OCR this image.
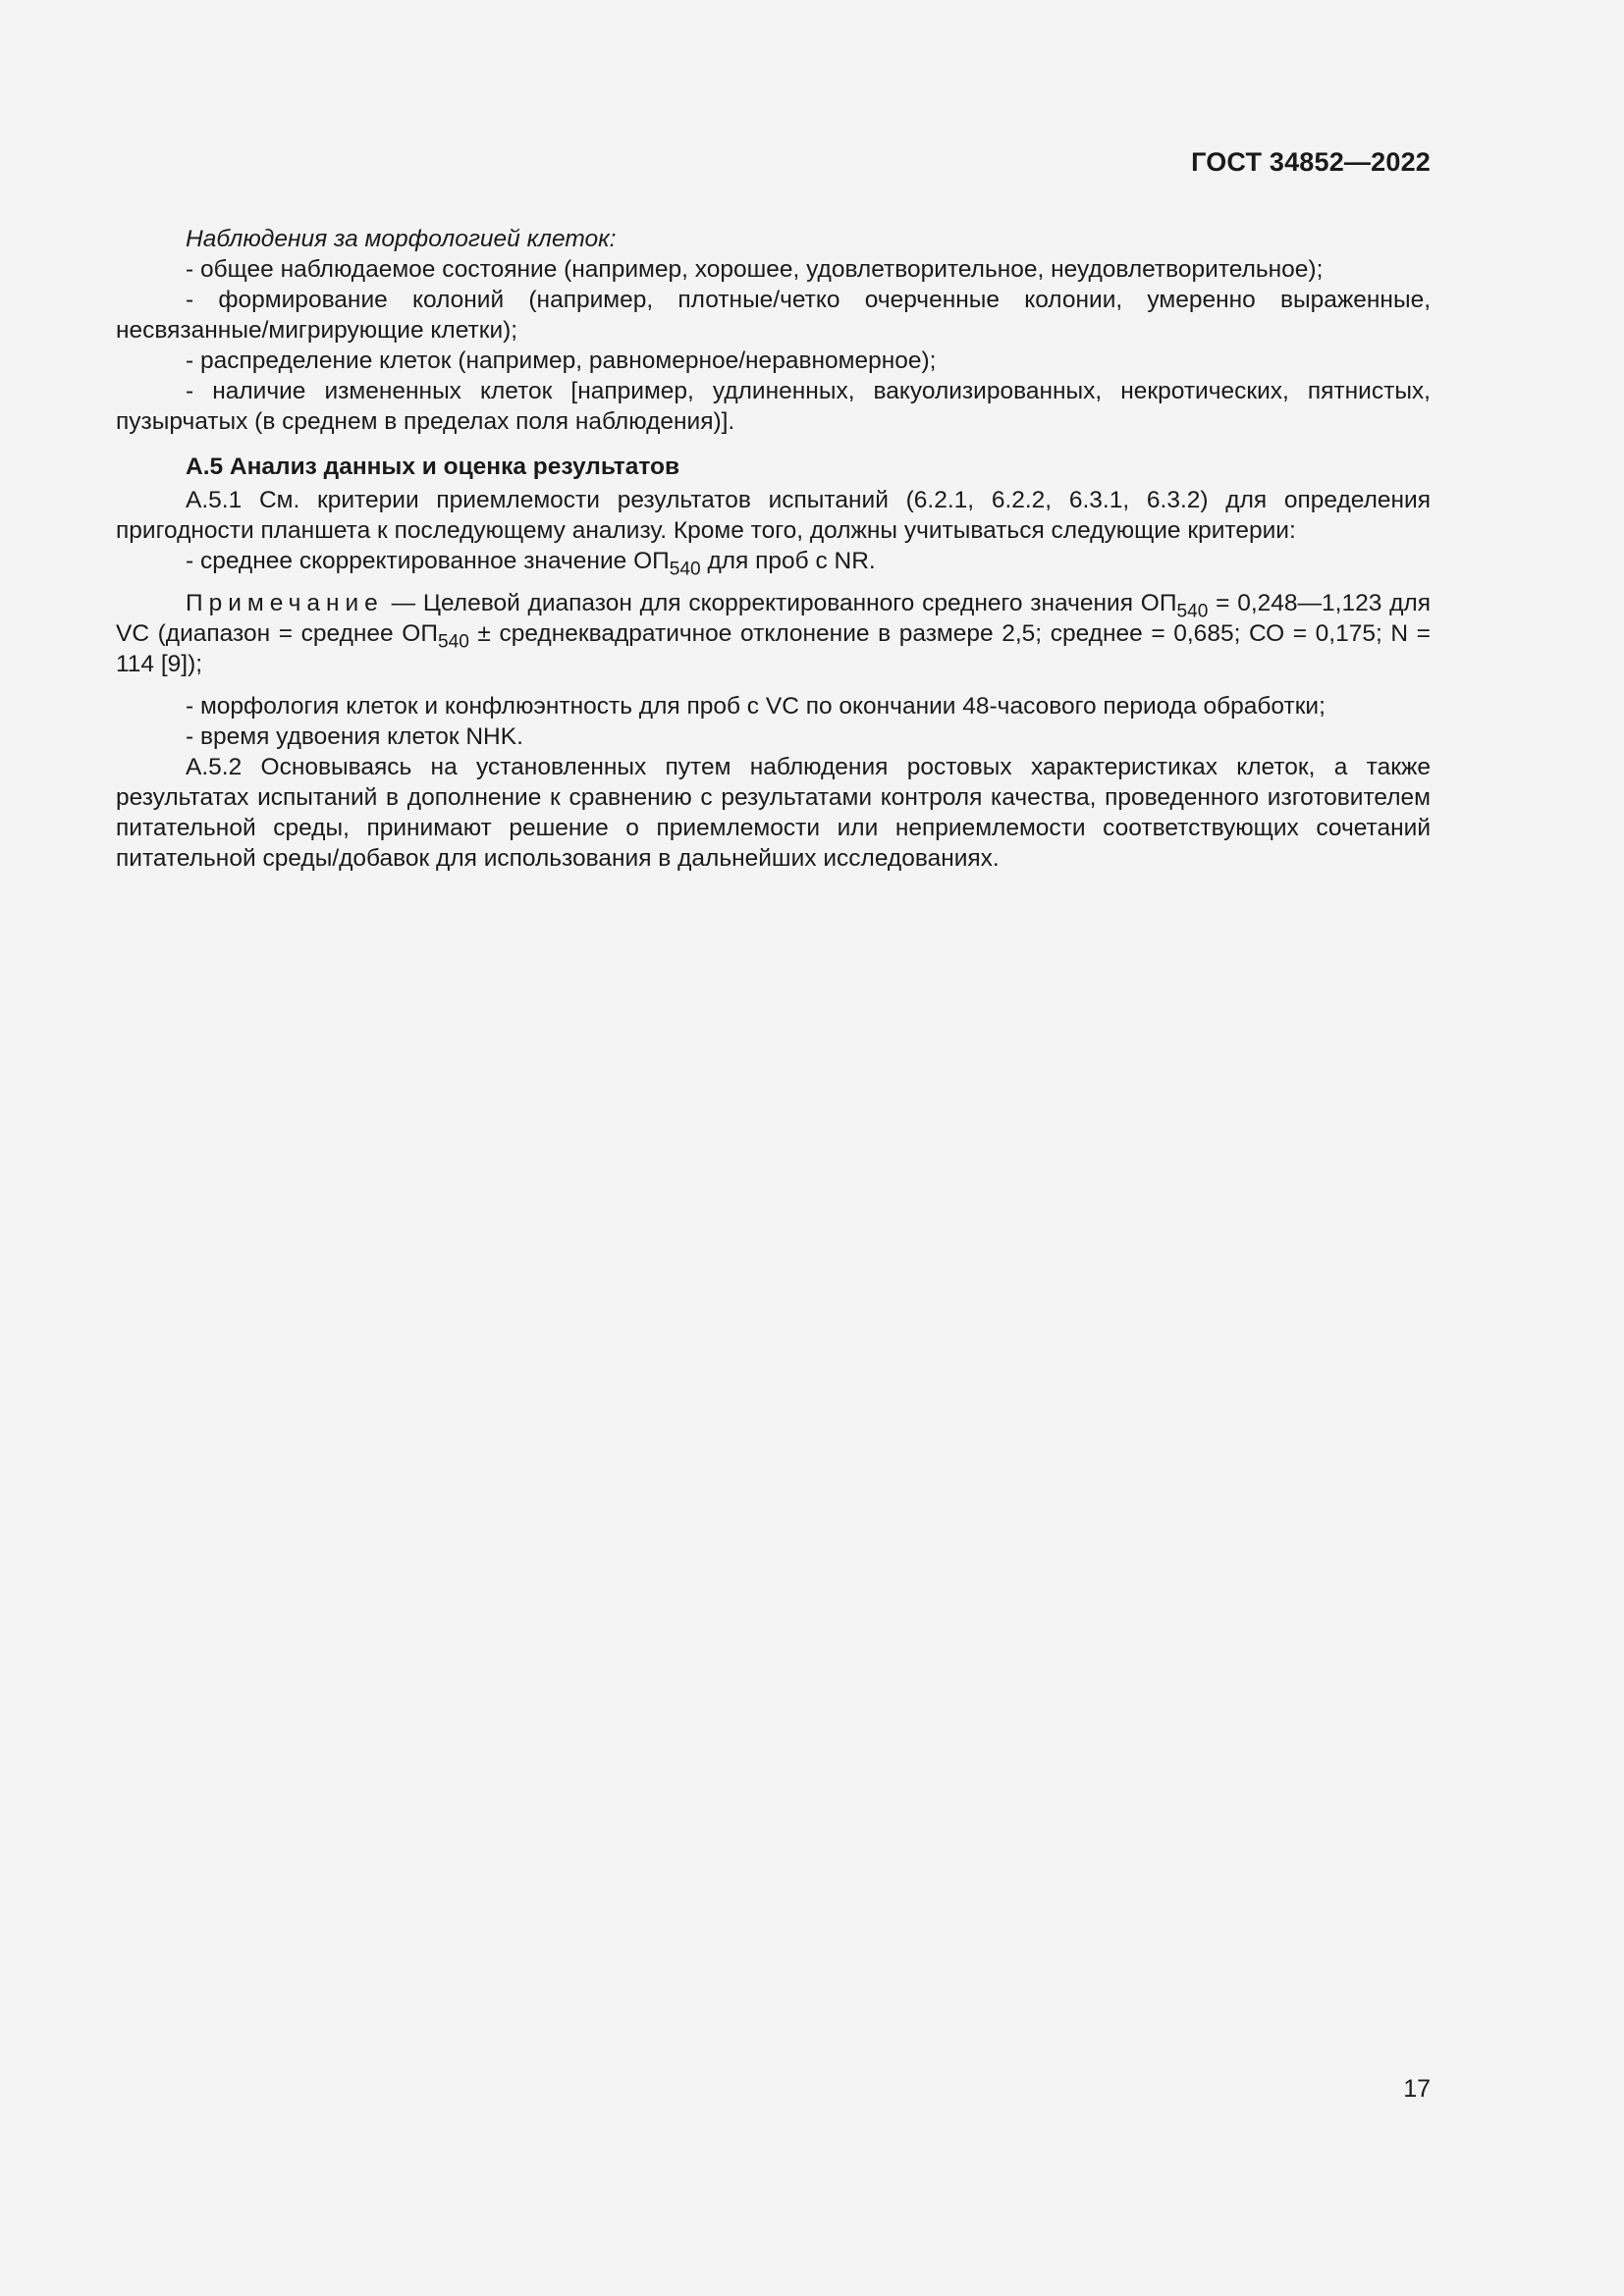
ГОСТ 34852—2022

Наблюдения за морфологией клеток:

- общее наблюдаемое состояние (например, хорошее, удовлетворительное, неудовлетворительное);

- формирование колоний (например, плотные/четко очерченные колонии, умеренно выраженные, несвязанные/мигрирующие клетки);

- распределение клеток (например, равномерное/неравномерное);

- наличие измененных клеток [например, удлиненных, вакуолизированных, некротических, пятнистых, пузырчатых (в среднем в пределах поля наблюдения)].

А.5 Анализ данных и оценка результатов

А.5.1 См. критерии приемлемости результатов испытаний (6.2.1, 6.2.2, 6.3.1, 6.3.2) для определения пригодности планшета к последующему анализу. Кроме того, должны учитываться следующие критерии:

- среднее скорректированное значение $ОП_{540}$ для проб с NR.

Примечание — Целевой диапазон для скорректированного среднего значения $ОП_{540}$ = 0,248—1,123 для VC (диапазон = среднее $ОП_{540}$ ± среднеквадратичное отклонение в размере 2,5; среднее = 0,685; СО = 0,175; N = 114 [9]);

- морфология клеток и конфлюэнтность для проб с VC по окончании 48-часового периода обработки;

- время удвоения клеток NHK.

А.5.2 Основываясь на установленных путем наблюдения ростовых характеристиках клеток, а также результатах испытаний в дополнение к сравнению с результатами контроля качества, проведенного изготовителем питательной среды, принимают решение о приемлемости или неприемлемости соответствующих сочетаний питательной среды/добавок для использования в дальнейших исследованиях.

17
